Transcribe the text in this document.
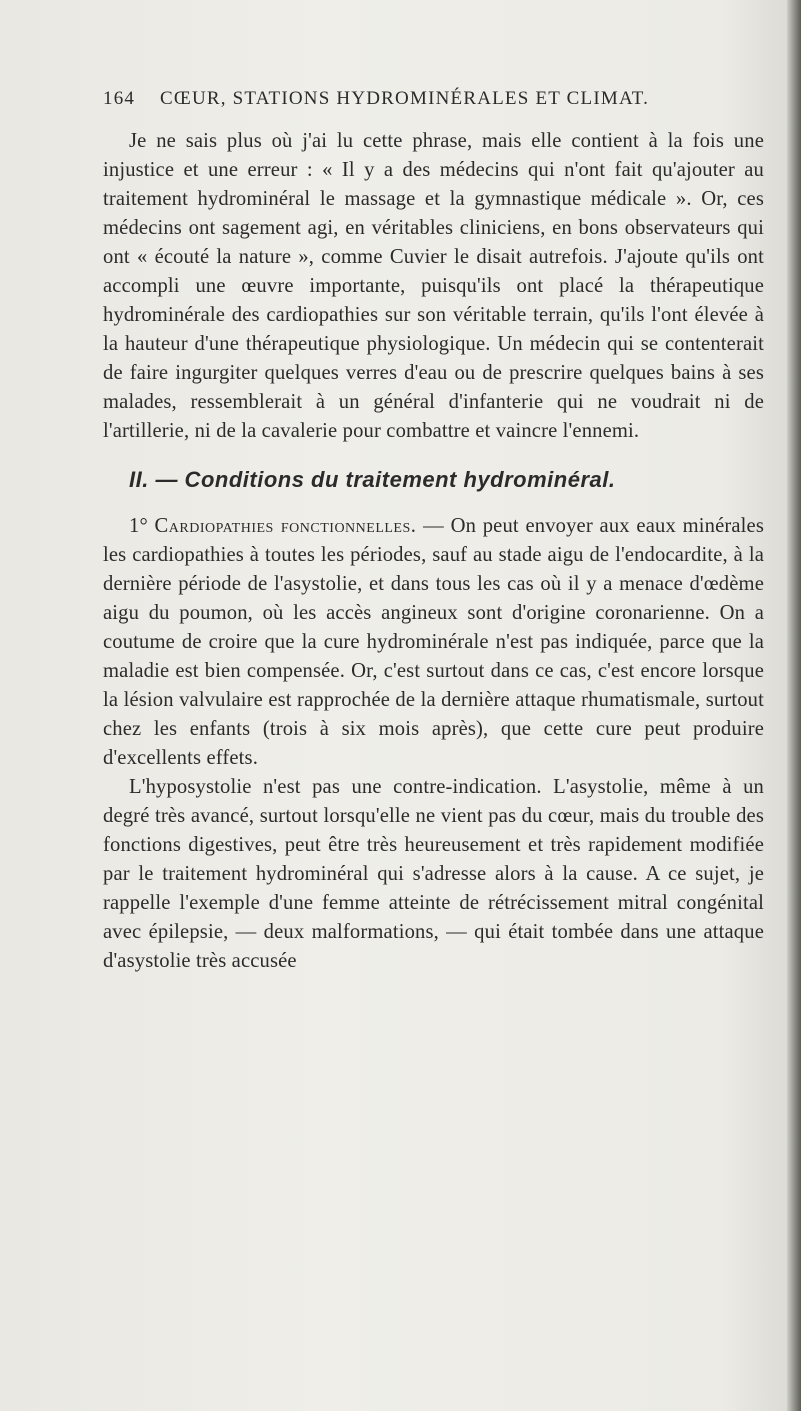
164 CŒUR, STATIONS HYDROMINÉRALES ET CLIMAT.

Je ne sais plus où j'ai lu cette phrase, mais elle contient à la fois une injustice et une erreur : « Il y a des médecins qui n'ont fait qu'ajouter au traitement hydrominéral le massage et la gymnastique médicale ». Or, ces médecins ont sagement agi, en véritables cliniciens, en bons observateurs qui ont « écouté la nature », comme Cuvier le disait autrefois. J'ajoute qu'ils ont accompli une œuvre importante, puisqu'ils ont placé la thérapeutique hydrominérale des cardiopathies sur son véritable terrain, qu'ils l'ont élevée à la hauteur d'une thérapeutique physiologique. Un médecin qui se contenterait de faire ingurgiter quelques verres d'eau ou de prescrire quelques bains à ses malades, ressemblerait à un général d'infanterie qui ne voudrait ni de l'artillerie, ni de la cavalerie pour combattre et vaincre l'ennemi.

II. — Conditions du traitement hydrominéral.

1° Cardiopathies fonctionnelles. — On peut envoyer aux eaux minérales les cardiopathies à toutes les périodes, sauf au stade aigu de l'endocardite, à la dernière période de l'asystolie, et dans tous les cas où il y a menace d'œdème aigu du poumon, où les accès angineux sont d'origine coronarienne. On a coutume de croire que la cure hydrominérale n'est pas indiquée, parce que la maladie est bien compensée. Or, c'est surtout dans ce cas, c'est encore lorsque la lésion valvulaire est rapprochée de la dernière attaque rhumatismale, surtout chez les enfants (trois à six mois après), que cette cure peut produire d'excellents effets.

L'hyposystolie n'est pas une contre-indication. L'asystolie, même à un degré très avancé, surtout lorsqu'elle ne vient pas du cœur, mais du trouble des fonctions digestives, peut être très heureusement et très rapidement modifiée par le traitement hydrominéral qui s'adresse alors à la cause. A ce sujet, je rappelle l'exemple d'une femme atteinte de rétrécissement mitral congénital avec épilepsie, — deux malformations, — qui était tombée dans une attaque d'asystolie très accusée
